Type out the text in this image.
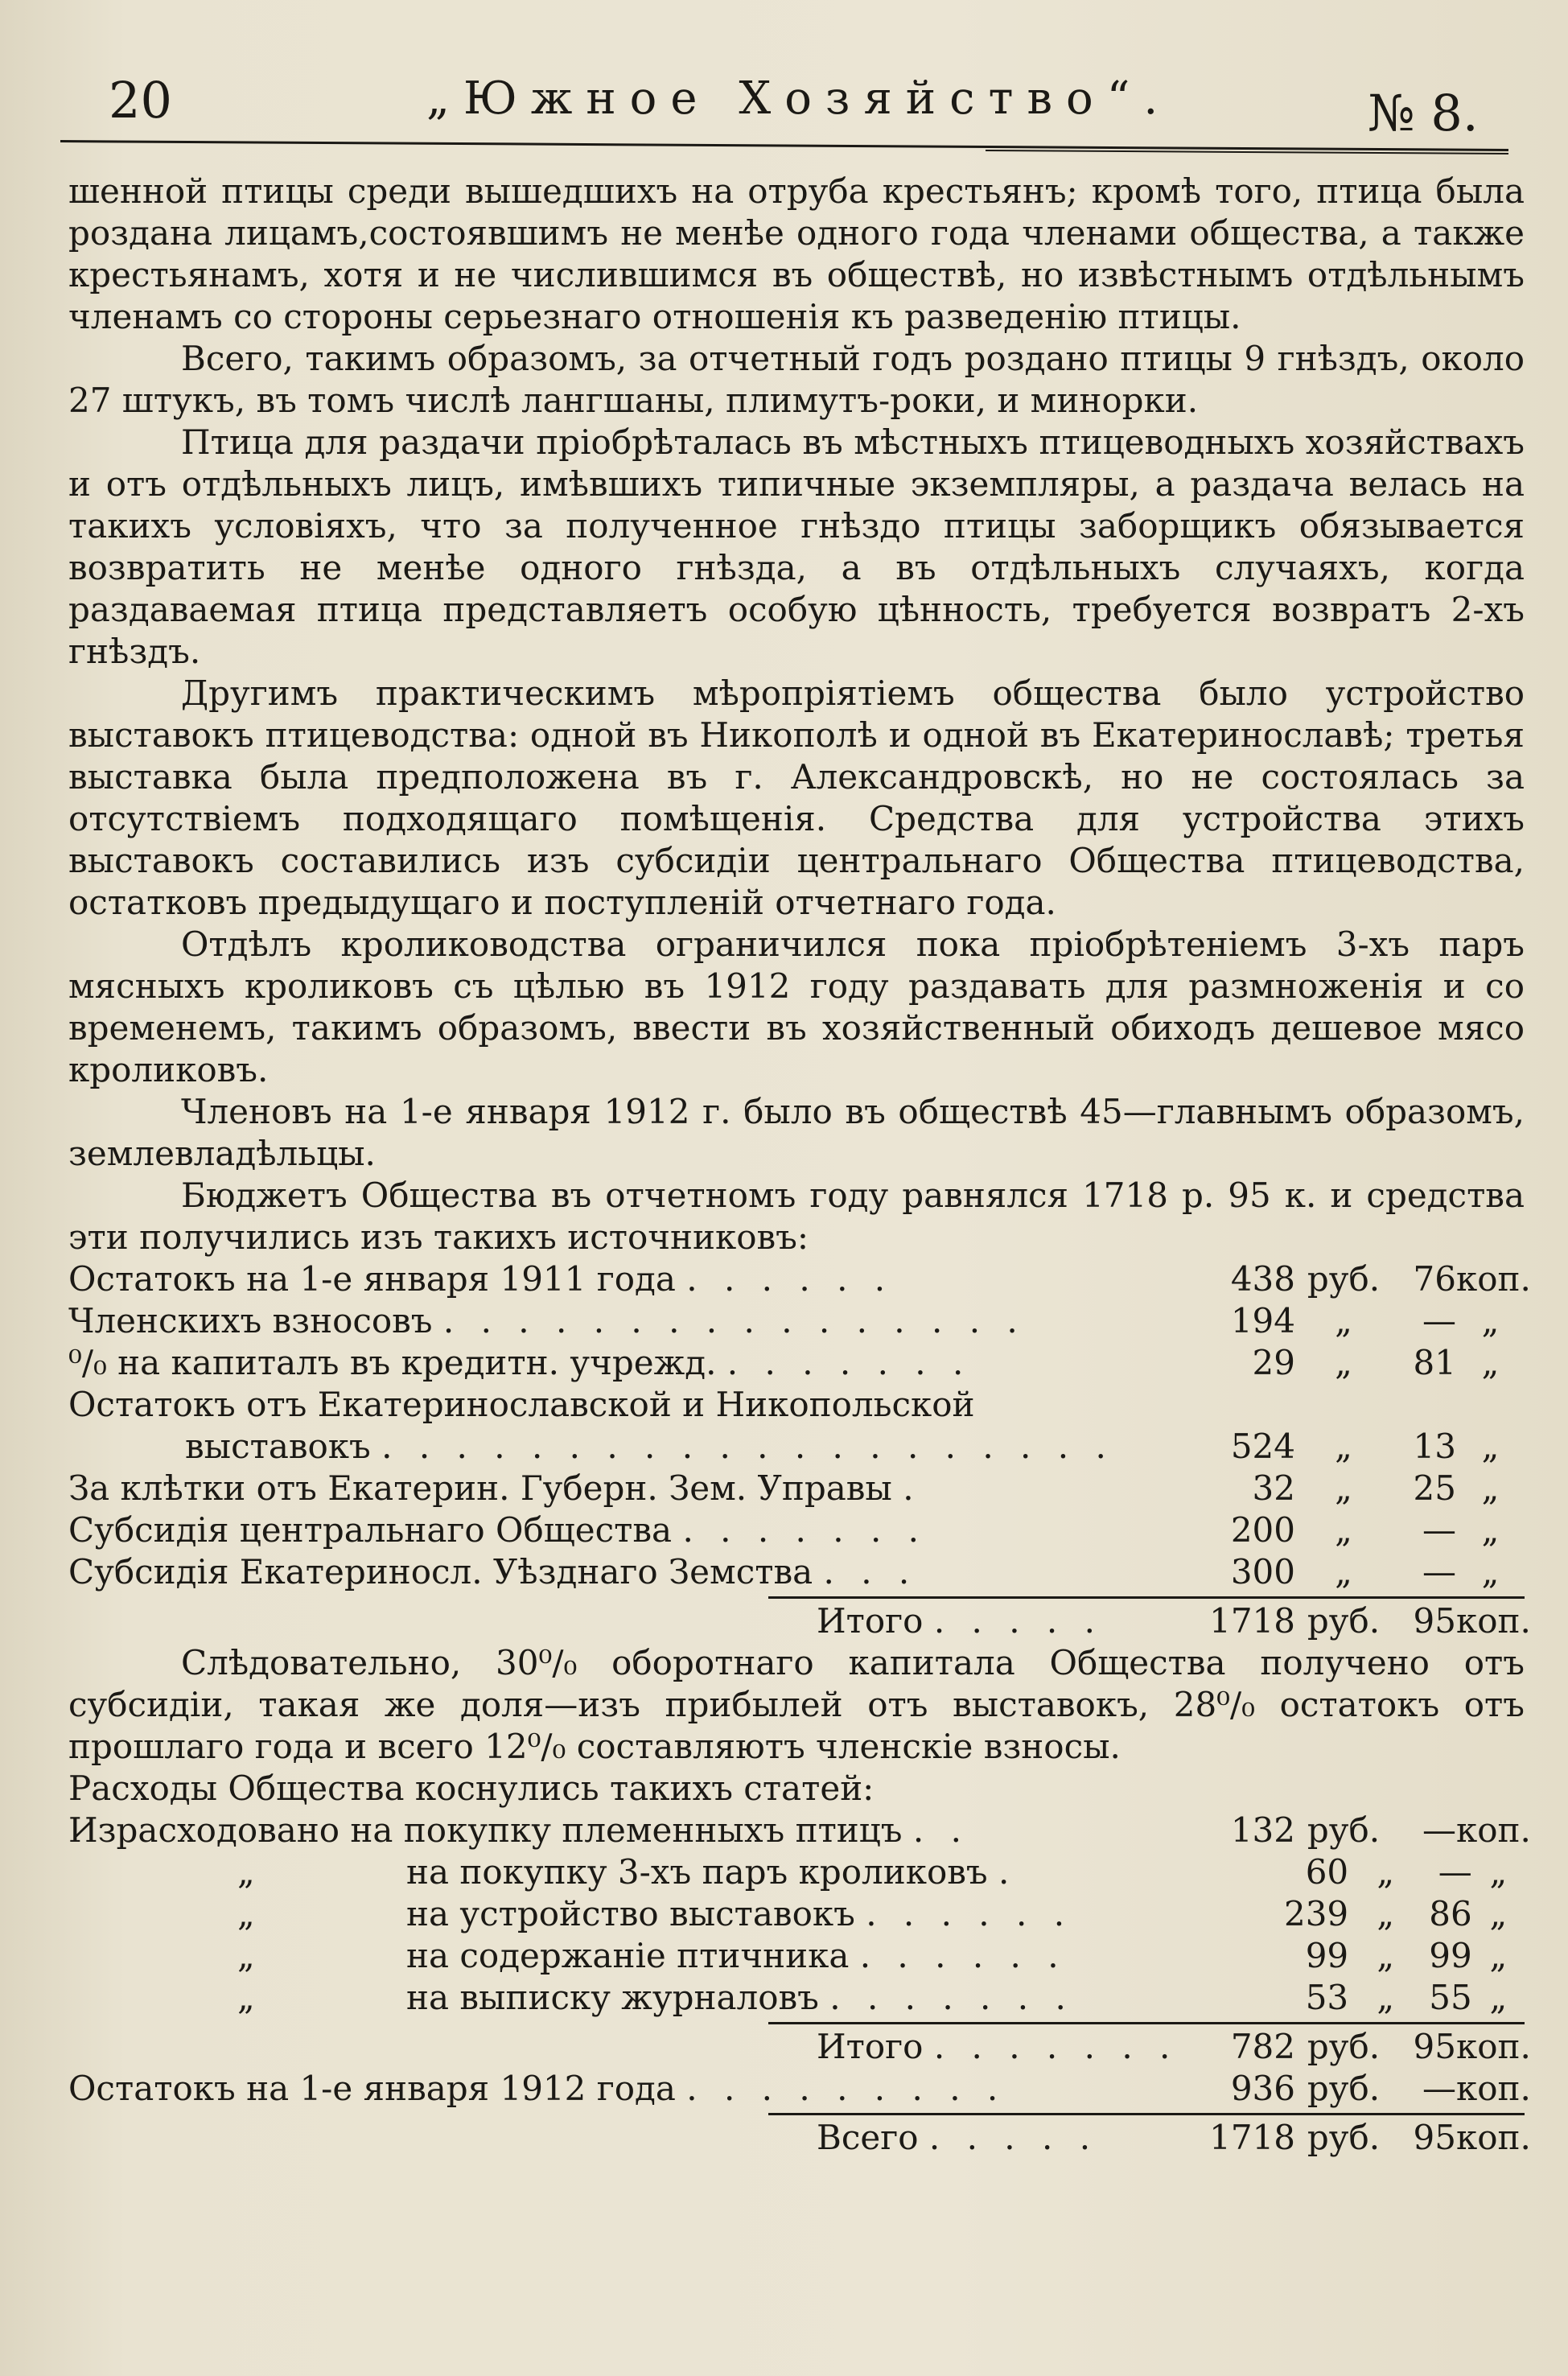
20	„Южное Хозяйство“.	№ 8.

шенной птицы среди вышедшихъ на отруба крестьянъ; кромѣ того, птица была роздана лицамъ,состоявшимъ не менѣе одного года членами общества, а также крестьянамъ, хотя и не числившимся въ обществѣ, но извѣстнымъ отдѣльнымъ членамъ со стороны серьезнаго отношенія къ разведенію птицы.

Всего, такимъ образомъ, за отчетный годъ роздано птицы 9 гнѣздъ, около 27 штукъ, въ томъ числѣ лангшаны, плимутъ-роки, и минорки.

Птица для раздачи пріобрѣталась въ мѣстныхъ птицеводныхъ хозяйствахъ и отъ отдѣльныхъ лицъ, имѣвшихъ типичные экземпляры, а раздача велась на такихъ условіяхъ, что за полученное гнѣздо птицы заборщикъ обязывается возвратить не менѣе одного гнѣзда, а въ отдѣльныхъ случаяхъ, когда раздаваемая птица представляетъ особую цѣнность, требуется возвратъ 2-хъ гнѣздъ.

Другимъ практическимъ мѣропріятіемъ общества было устройство выставокъ птицеводства: одной въ Никополѣ и одной въ Екатеринославѣ; третья выставка была предположена въ г. Александровскѣ, но не состоялась за отсутствіемъ подходящаго помѣщенія. Средства для устройства этихъ выставокъ составились изъ субсидіи центральнаго Общества птицеводства, остатковъ предыдущаго и поступленій отчетнаго года.

Отдѣлъ кролиководства ограничился пока пріобрѣтеніемъ 3-хъ паръ мясныхъ кроликовъ съ цѣлью въ 1912 году раздавать для размноженія и со временемъ, такимъ образомъ, ввести въ хозяйственный обиходъ дешевое мясо кроликовъ.

Членовъ на 1-е января 1912 г. было въ обществѣ 45—главнымъ образомъ, землевладѣльцы.

Бюджетъ Общества въ отчетномъ году равнялся 1718 р. 95 к. и средства эти получились изъ такихъ источниковъ:

Остатокъ на 1-е января 1911 года . . . . . .	438 руб. 76 коп.
Членскихъ взносовъ . . . . . . . . . . . . . . . .	194	„	— „
⁰/₀ на капиталъ въ кредитн. учрежд. . . . . . . .	29	„	81 „
Остатокъ отъ Екатеринославской и Никопольской
выставокъ . . . . . . . . . . . . . . . . . . . .	524	„	13 „
За клѣтки отъ Екатерин. Губерн. Зем. Управы .	32	„	25 „
Субсидія центральнаго Общества . . . . . . .	200	„	— „
Субсидія Екатериносл. Уѣзднаго Земства . . .	300	„	— „
Итого . . . . .	1718 руб. 95 коп.

Слѣдовательно, 30⁰/₀ оборотнаго капитала Общества получено отъ субсидіи, такая же доля—изъ прибылей отъ выставокъ, 28⁰/₀ остатокъ отъ прошлаго года и всего 12⁰/₀ составляютъ членскіе взносы.

Расходы Общества коснулись такихъ статей:

Израсходовано на покупку племенныхъ птицъ . .	132 руб.	— коп.
„	на покупку 3-хъ паръ кроликовъ .	60 „	— „
„	на устройство выставокъ . . . . . .	239 „	86 „
„	на содержаніе птичника . . . . . .	99 „	99 „
„	на выписку журналовъ . . . . . . .	53 „	55 „
Итого . . . . . . .	782 руб. 95 коп.
Остатокъ на 1-е января 1912 года . . . . . . . . .	936 руб.	— коп.
Всего . . . . .	1718 руб. 95 коп.
